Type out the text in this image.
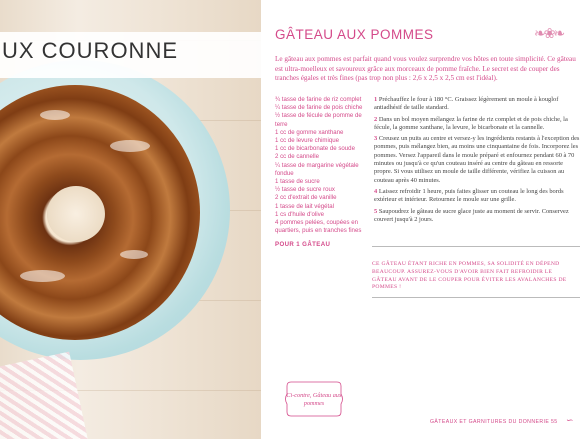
UX COURONNE
GÂTEAU AUX POMMES	❧❀❧
Le gâteau aux pommes est parfait quand vous voulez surprendre vos hôtes en toute simplicité. Ce gâteau est ultra-moelleux et savoureux grâce aux morceaux de pomme fraîche. Le secret est de couper des tranches égales et très fines (pas trop non plus : 2,6 x 2,5 x 2,5 cm est l'idéal).

¾ tasse de farine de riz complet

¼ tasse de farine de pois chiche

½ tasse de fécule de pomme de terre

1 cc de gomme xanthane

1 cc de levure chimique

1 cc de bicarbonate de soude

2 cc de cannelle

¼ tasse de margarine végétale fondue

1 tasse de sucre

½ tasse de sucre roux

2 cc d'extrait de vanille

1 tasse de lait végétal

1 cs d'huile d'olive

4 pommes pelées, coupées en quartiers, puis en tranches fines

POUR 1 GÂTEAU

1 Préchauffez le four à 180 °C. Graissez légèrement un moule à kouglof antiadhésif de taille standard.

2 Dans un bol moyen mélangez la farine de riz complet et de pois chiche, la fécule, la gomme xanthane, la levure, le bicarbonate et la cannelle.

3 Creusez un puits au centre et versez-y les ingrédients restants à l'exception des pommes, puis mélangez bien, au moins une cinquantaine de fois. Incorporez les pommes. Versez l'appareil dans le moule préparé et enfournez pendant 60 à 70 minutes ou jusqu'à ce qu'un couteau inséré au centre du gâteau en ressorte propre. Si vous utilisez un moule de taille différente, vérifiez la cuisson au couteau après 40 minutes.

4 Laissez refroidir 1 heure, puis faites glisser un couteau le long des bords extérieur et intérieur. Retournez le moule sur une grille.

5 Saupoudrez le gâteau de sucre glace juste au moment de servir. Conservez couvert jusqu'à 2 jours.

CE GÂTEAU ÉTANT RICHE EN POMMES, SA SOLIDITÉ EN DÉPEND BEAUCOUP. ASSUREZ-VOUS D'AVOIR BIEN FAIT REFROIDIR LE GÂTEAU AVANT DE LE COUPER POUR ÉVITER LES AVALANCHES DE POMMES !
Ci-contre, Gâteau aux pommes
GÂTEAUX ET GARNITURES DU DONNERIE 55 ∽
